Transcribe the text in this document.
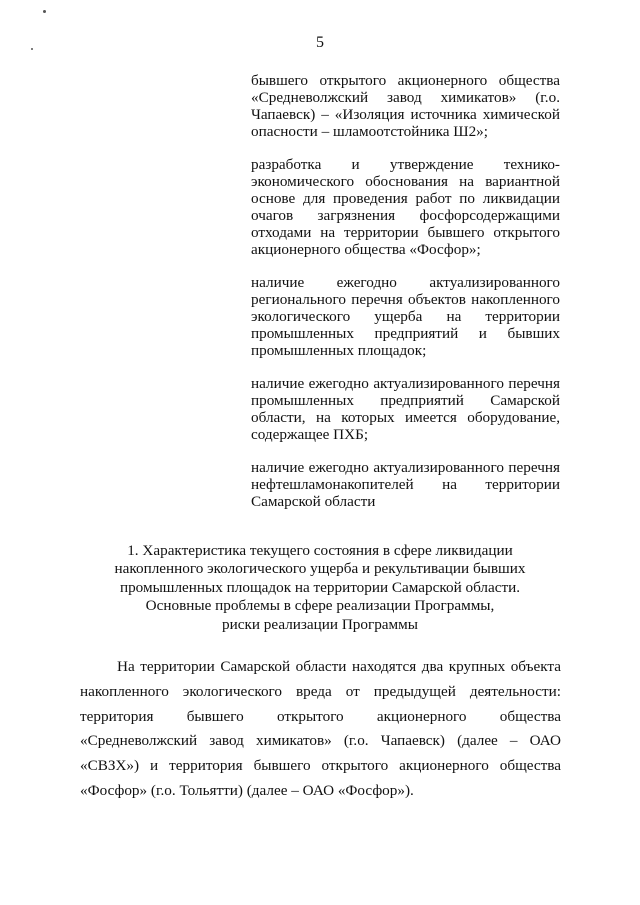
5

бывшего открытого акционерного общества «Средневолжский завод химикатов» (г.о. Чапаевск) – «Изоляция источника химической опасности – шламоотстойника Ш2»;

разработка и утверждение технико-экономического обоснования на вариантной основе для проведения работ по ликвидации очагов загрязнения фосфорсодержащими отходами на территории бывшего открытого акционерного общества «Фосфор»;

наличие ежегодно актуализированного регионального перечня объектов накопленного экологического ущерба на территории промышленных предприятий и бывших промышленных площадок;

наличие ежегодно актуализированного перечня промышленных предприятий Самарской области, на которых имеется оборудование, содержащее ПХБ;

наличие ежегодно актуализированного перечня нефтешламонакопителей на территории Самарской области

1. Характеристика текущего состояния в сфере ликвидации
накопленного экологического ущерба и рекультивации бывших
промышленных площадок на территории Самарской области.
Основные проблемы в сфере реализации Программы,
риски реализации Программы

На территории Самарской области находятся два крупных объекта накопленного экологического вреда от предыдущей деятельности: территория бывшего открытого акционерного общества «Средневолжский завод химикатов» (г.о. Чапаевск) (далее – ОАО «СВЗХ») и территория бывшего открытого акционерного общества «Фосфор» (г.о. Тольятти) (далее – ОАО «Фосфор»).
